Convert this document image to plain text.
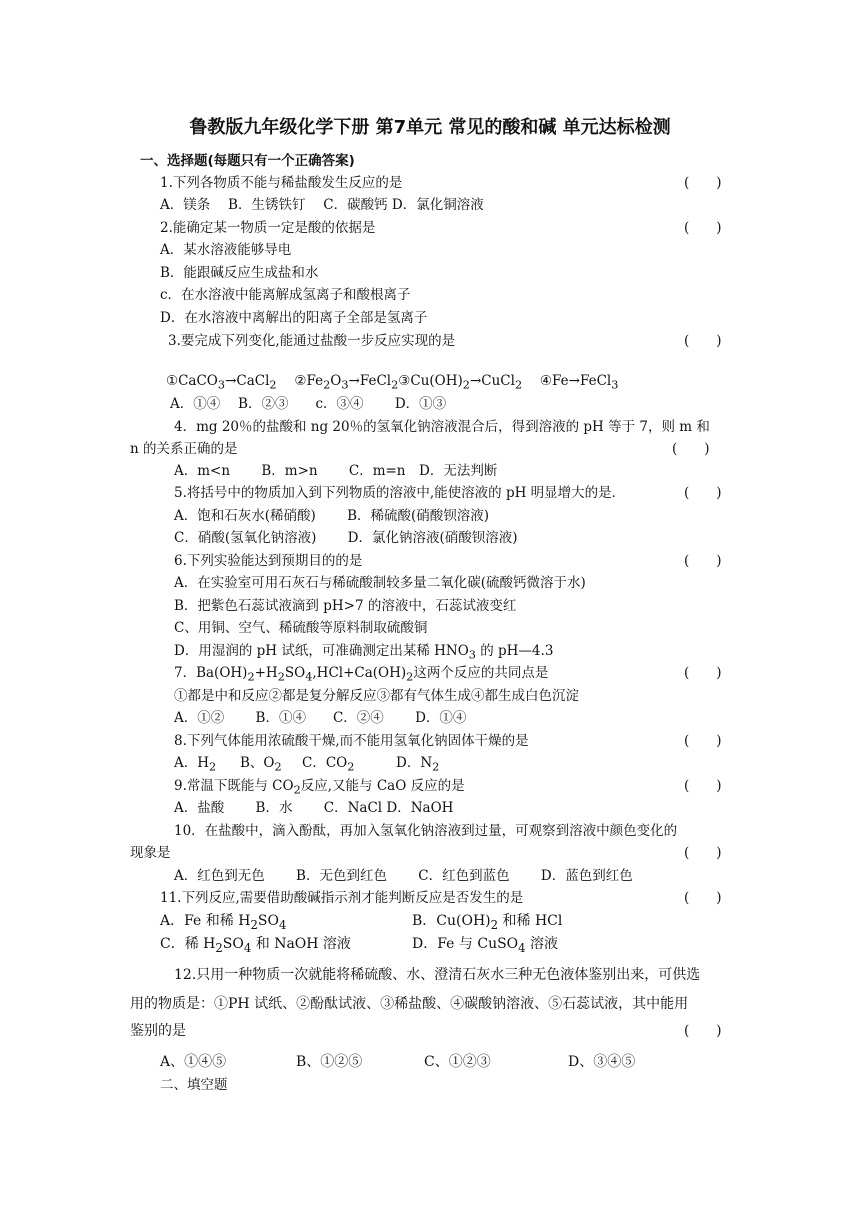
鲁教版九年级化学下册 第7单元 常见的酸和碱 单元达标检测
一、选择题(每题只有一个正确答案)
1.下列各物质不能与稀盐酸发生反应的是	(　　)
A．镁条　 B．生锈铁钉　 C．碳酸钙 D．氯化铜溶液
2.能确定某一物质一定是酸的依据是	(　　)
A．某水溶液能够导电
B．能跟碱反应生成盐和水
c．在水溶液中能离解成氢离子和酸根离子
D．在水溶液中离解出的阳离子全部是氢离子
3.要完成下列变化,能通过盐酸一步反应实现的是	(　　)
①CaCO$_3$→CaCl$_2$  $②Fe_2O_3\to FeCl_2③Cu(OH)_2\to CuCl_2$  ④Fe→FeCl$_3$
A．①④　 B．②③　　c．③④　　 D．①③
4．mg 20％的盐酸和 ng 20％的氢氧化钠溶液混合后，得到溶液的 pH 等于 7，则 m 和
n 的关系正确的是	(　　)
A．m<n　　 B．m>n　　 C．m=n　D．无法判断
5.将括号中的物质加入到下列物质的溶液中,能使溶液的 pH 明显增大的是．	(　　)
A．饱和石灰水(稀硝酸)　　 B．稀硫酸(硝酸钡溶液)
C．硝酸(氢氧化钠溶液)　　 D．氯化钠溶液(硝酸钡溶液)
6.下列实验能达到预期目的的是	(　　)
A．在实验室可用石灰石与稀硫酸制较多量二氧化碳(硫酸钙微溶于水)
B．把紫色石蕊试液滴到 pH>7 的溶液中，石蕊试液变红
C、用铜、空气、稀硫酸等原料制取硫酸铜
D．用湿润的 pH 试纸，可准确测定出某稀 $HNO_3$ 的 pH—4.3
7．$Ba(OH)_2+H_2SO_4,HCl+Ca(OH)_2$这两个反应的共同点是	(　　)
①都是中和反应②都是复分解反应③都有气体生成④都生成白色沉淀
A．①②　　 B．①④　　C．②④　　 D．①④
8.下列气体能用浓硫酸干燥,而不能用氢氧化钠固体干燥的是	(　　)
A．$H_2$ B、$O_2$ C．$CO_2$	D．$N_2$
9.常温下既能与 $CO_2$反应,又能与 CaO 反应的是	(　　)
A．盐酸　　 B．水　　 C．NaCl D．NaOH
10．在盐酸中，滴入酚酞，再加入氢氧化钠溶液到过量，可观察到溶液中颜色变化的
现象是	(　　)
A．红色到无色　　 B．无色到红色　　 C．红色到蓝色　　 D．蓝色到红色
11.下列反应,需要借助酸碱指示剂才能判断反应是否发生的是	(　　)
A．Fe 和稀 $H_2SO_4$	B．$Cu(OH)_2$ 和稀 HCl
C．稀 $H_2SO_4$ 和 NaOH 溶液	D．Fe 与 CuSO$_4$ 溶液
12.只用一种物质一次就能将稀硫酸、水、澄清石灰水三种无色液体鉴别出来，可供选
用的物质是：①PH 试纸、②酚酞试液、③稀盐酸、④碳酸钠溶液、⑤石蕊试液，其中能用
鉴别的是	(　　)
A、①④⑤	B、①②⑤	C、①②③	D、③④⑤
二、填空题
